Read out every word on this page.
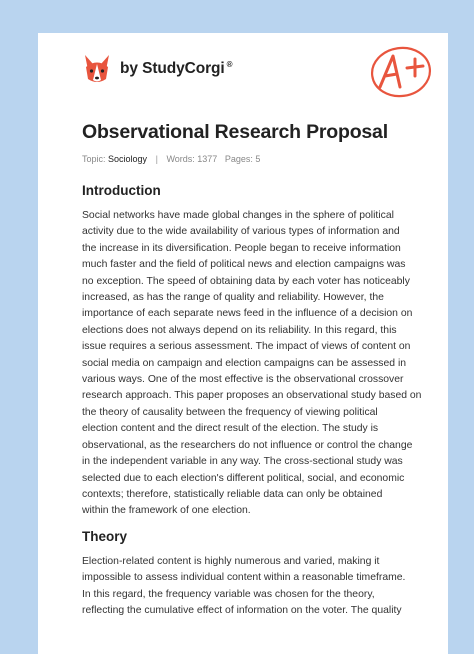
by StudyCorgi ®
Observational Research Proposal
Topic: Sociology | Words: 1377 Pages: 5
Introduction
Social networks have made global changes in the sphere of political
activity due to the wide availability of various types of information and
the increase in its diversification. People began to receive information
much faster and the field of political news and election campaigns was
no exception. The speed of obtaining data by each voter has noticeably
increased, as has the range of quality and reliability. However, the
importance of each separate news feed in the influence of a decision on
elections does not always depend on its reliability. In this regard, this
issue requires a serious assessment. The impact of views of content on
social media on campaign and election campaigns can be assessed in
various ways. One of the most effective is the observational crossover
research approach. This paper proposes an observational study based on
the theory of causality between the frequency of viewing political
election content and the direct result of the election. The study is
observational, as the researchers do not influence or control the change
in the independent variable in any way. The cross-sectional study was
selected due to each election's different political, social, and economic
contexts; therefore, statistically reliable data can only be obtained
within the framework of one election.
Theory
Election-related content is highly numerous and varied, making it
impossible to assess individual content within a reasonable timeframe.
In this regard, the frequency variable was chosen for the theory,
reflecting the cumulative effect of information on the voter. The quality
